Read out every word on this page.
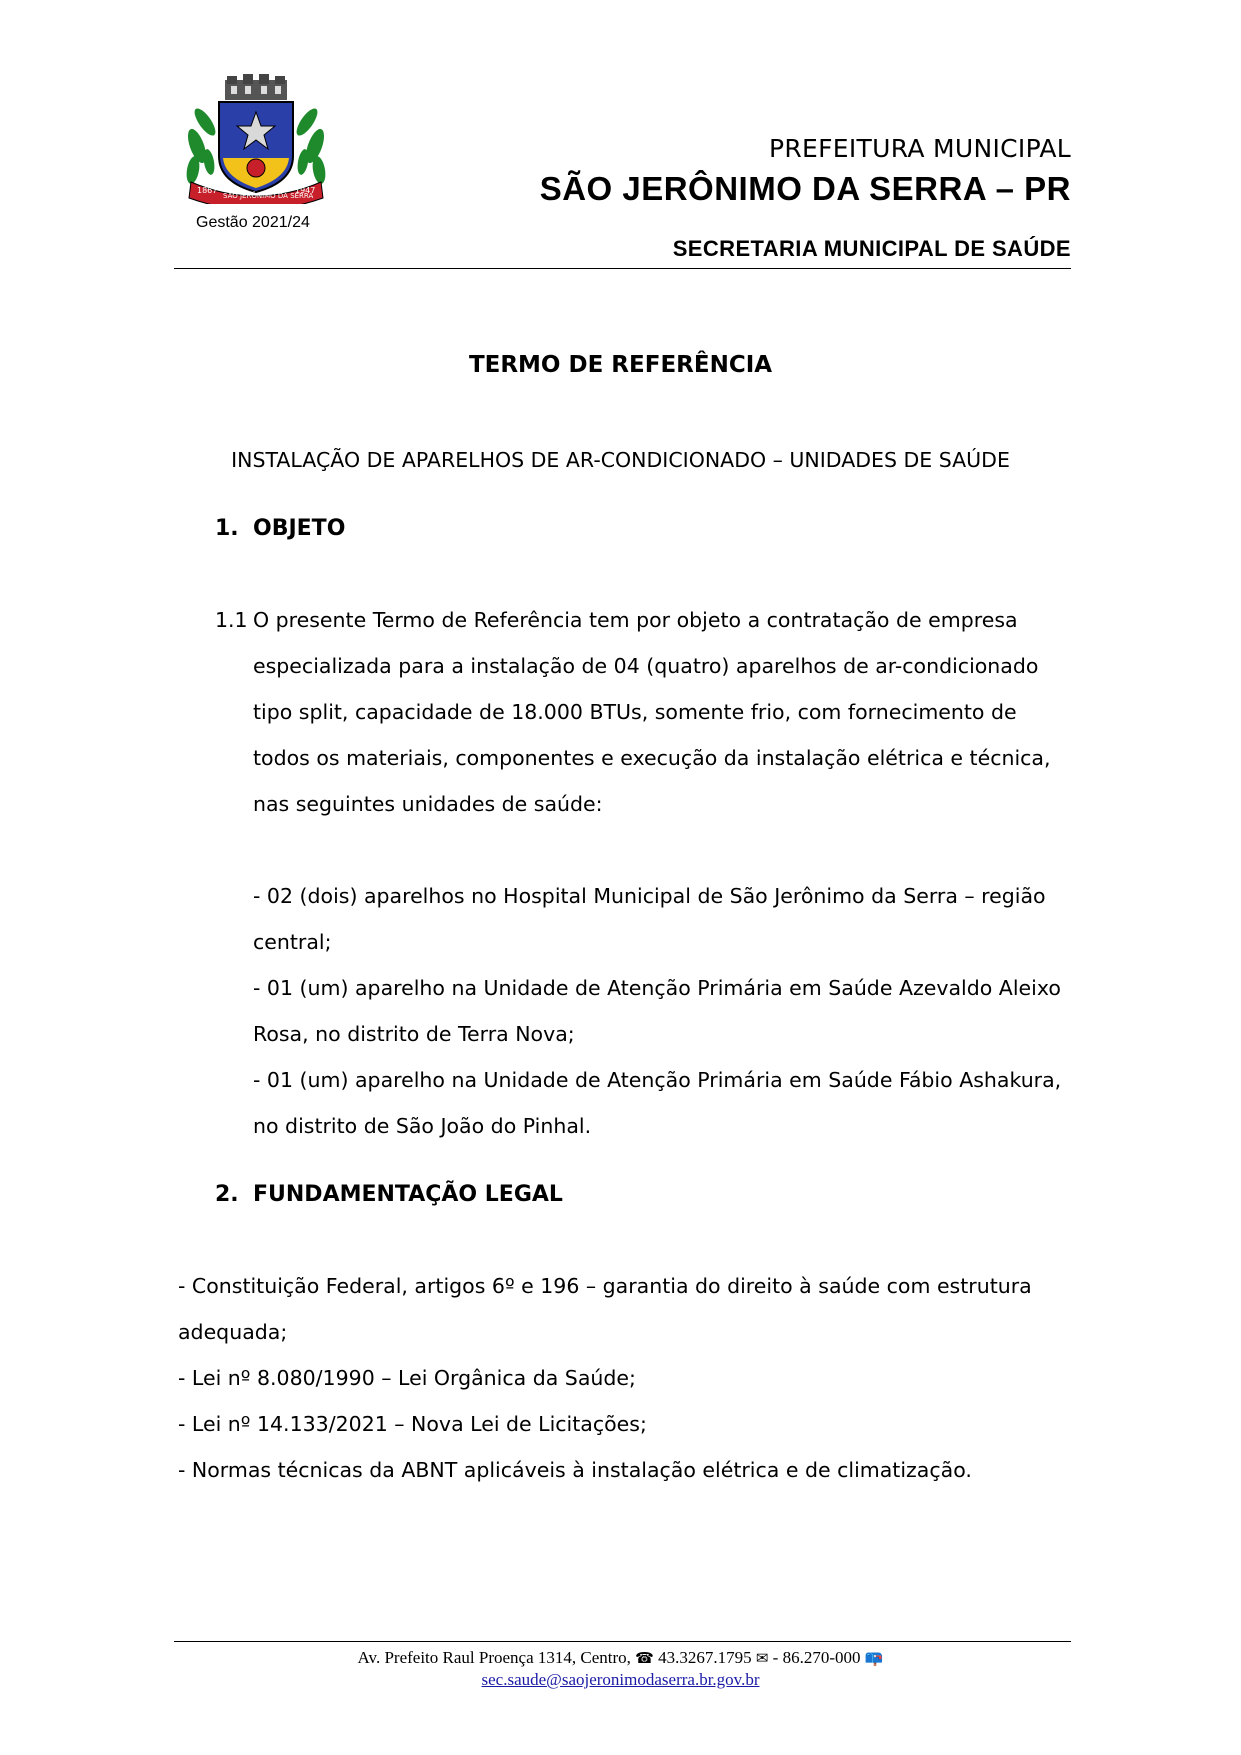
1867
SÃO JERÔNIMO DA SERRA
1947
Gestão 2021/24
PREFEITURA MUNICIPAL
SÃO JERÔNIMO DA SERRA – PR
SECRETARIA MUNICIPAL DE SAÚDE
TERMO DE REFERÊNCIA
INSTALAÇÃO DE APARELHOS DE AR-CONDICIONADO – UNIDADES DE SAÚDE
1. OBJETO
1.1 O presente Termo de Referência tem por objeto a contratação de empresa especializada para a instalação de 04 (quatro) aparelhos de ar-condicionado tipo split, capacidade de 18.000 BTUs, somente frio, com fornecimento de todos os materiais, componentes e execução da instalação elétrica e técnica, nas seguintes unidades de saúde:
- 02 (dois) aparelhos no Hospital Municipal de São Jerônimo da Serra – região central;
- 01 (um) aparelho na Unidade de Atenção Primária em Saúde Azevaldo Aleixo Rosa, no distrito de Terra Nova;
- 01 (um) aparelho na Unidade de Atenção Primária em Saúde Fábio Ashakura, no distrito de São João do Pinhal.
2. FUNDAMENTAÇÃO LEGAL
- Constituição Federal, artigos 6º e 196 – garantia do direito à saúde com estrutura adequada;
- Lei nº 8.080/1990 – Lei Orgânica da Saúde;
- Lei nº 14.133/2021 – Nova Lei de Licitações;
- Normas técnicas da ABNT aplicáveis à instalação elétrica e de climatização.
Av. Prefeito Raul Proença 1314, Centro, ☎ 43.3267.1795 ✉ - 86.270-000 📪
sec.saude@saojeronimodaserra.br.gov.br
